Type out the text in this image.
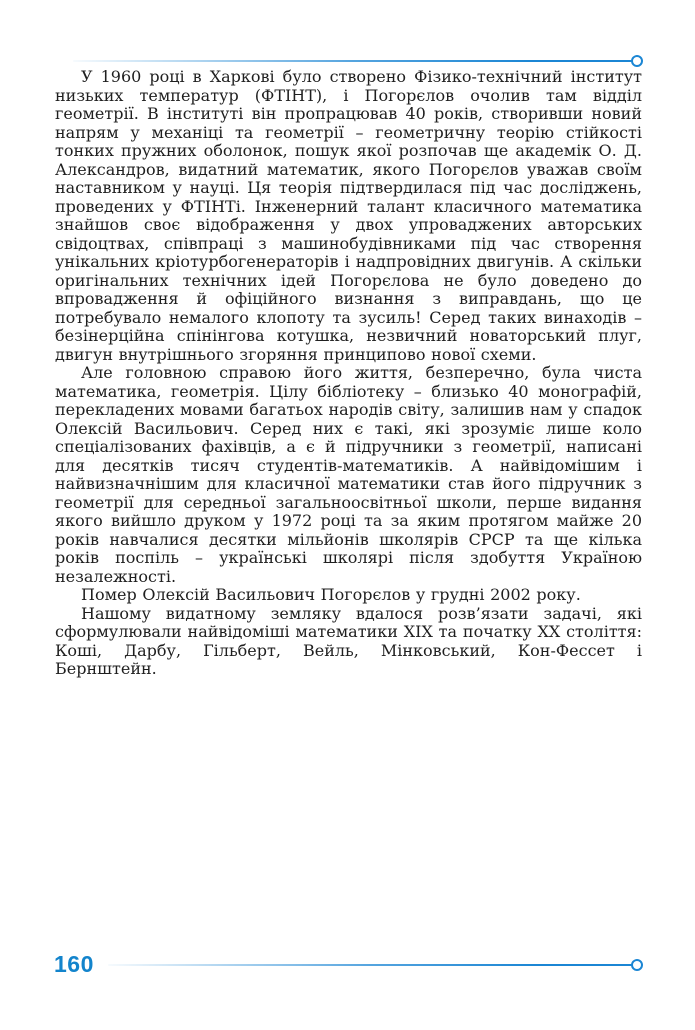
У 1960 році в Харкові було створено Фізико-технічний інститут низьких температур (ФТІНТ), і Погорєлов очолив там відділ геометрії. В інституті він пропрацював 40 років, створивши новий напрям у механіці та геометрії – геометричну теорію стійкості тонких пружних оболонок, пошук якої розпочав ще академік О. Д. Александров, видатний математик, якого Погорєлов уважав своїм наставником у науці. Ця теорія підтвердилася під час досліджень, проведених у ФТІНТі. Інженерний талант класичного математика знайшов своє відображення у двох упроваджених авторських свідоцтвах, співпраці з машинобудівниками під час створення унікальних кріотурбогенераторів і надпровідних двигунів. А скільки оригінальних технічних ідей Погорєлова не було доведено до впровадження й офіційного визнання з виправдань, що це потребувало немалого клопоту та зусиль! Серед таких винаходів – безінерційна спінінгова котушка, незвичний новаторський плуг, двигун внутрішнього згоряння принципово нової схеми.

Але головною справою його життя, безперечно, була чиста математика, геометрія. Цілу бібліотеку – близько 40 монографій, перекладених мовами багатьох народів світу, залишив нам у спадок Олексій Васильович. Серед них є такі, які зрозуміє лише коло спеціалізованих фахівців, а є й підручники з геометрії, написані для десятків тисяч студентів-математиків. А найвідомішим і найвизначнішим для класичної математики став його підручник з геометрії для середньої загальноосвітньої школи, перше видання якого вийшло друком у 1972 році та за яким протягом майже 20 років навчалися десятки мільйонів школярів СРСР та ще кілька років поспіль – українські школярі після здобуття Україною незалежності.

Помер Олексій Васильович Погорєлов у грудні 2002 року.

Нашому видатному земляку вдалося розв’язати задачі, які сформулювали найвідоміші математики XIX та початку XX століття: Коші, Дарбу, Гільберт, Вейль, Мінковський, Кон-Фессет і Бернштейн.

160
